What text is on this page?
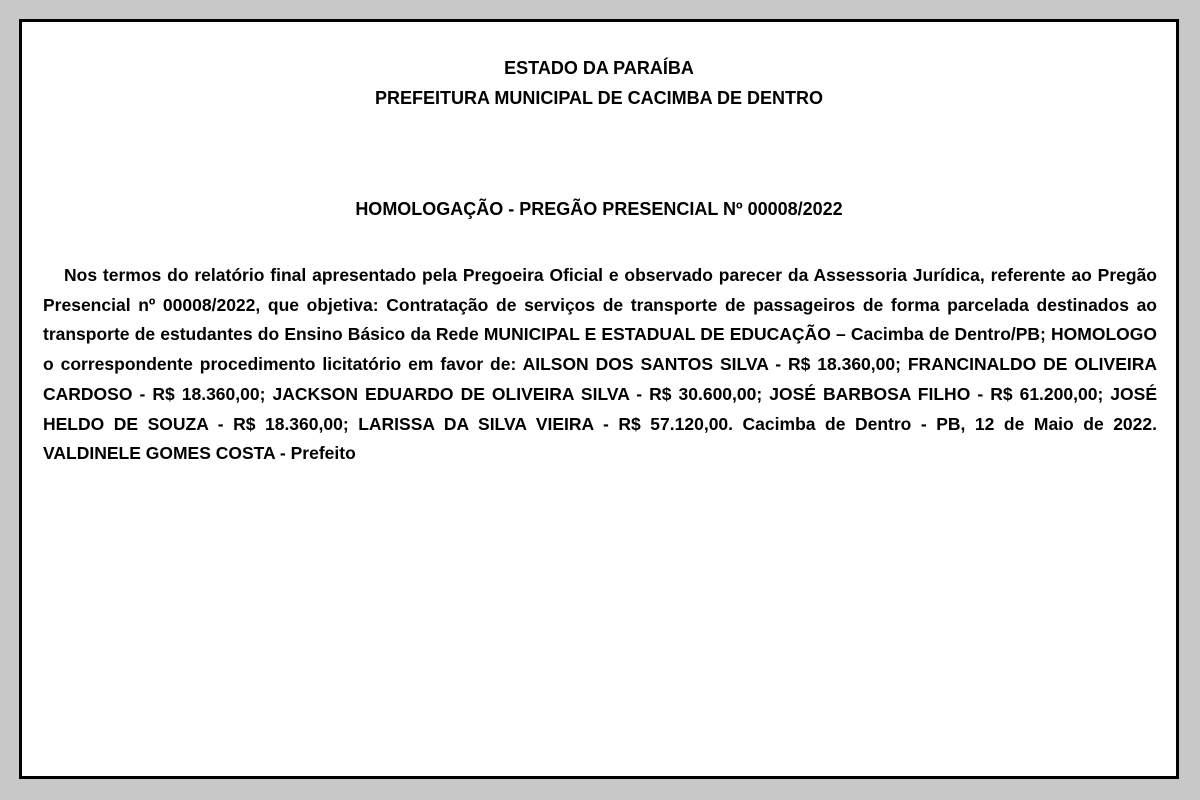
ESTADO DA PARAÍBA
PREFEITURA MUNICIPAL DE CACIMBA DE DENTRO
HOMOLOGAÇÃO - PREGÃO PRESENCIAL Nº 00008/2022

Nos termos do relatório final apresentado pela Pregoeira Oficial e observado parecer da Assessoria Jurídica, referente ao Pregão Presencial nº 00008/2022, que objetiva: Contratação de serviços de transporte de passageiros de forma parcelada destinados ao transporte de estudantes do Ensino Básico da Rede MUNICIPAL E ESTADUAL DE EDUCAÇÃO – Cacimba de Dentro/PB; HOMOLOGO o correspondente procedimento licitatório em favor de: AILSON DOS SANTOS SILVA - R$ 18.360,00; FRANCINALDO DE OLIVEIRA CARDOSO - R$ 18.360,00; JACKSON EDUARDO DE OLIVEIRA SILVA - R$ 30.600,00; JOSÉ BARBOSA FILHO - R$ 61.200,00; JOSÉ HELDO DE SOUZA - R$ 18.360,00; LARISSA DA SILVA VIEIRA - R$ 57.120,00. Cacimba de Dentro - PB, 12 de Maio de 2022. VALDINELE GOMES COSTA - Prefeito
